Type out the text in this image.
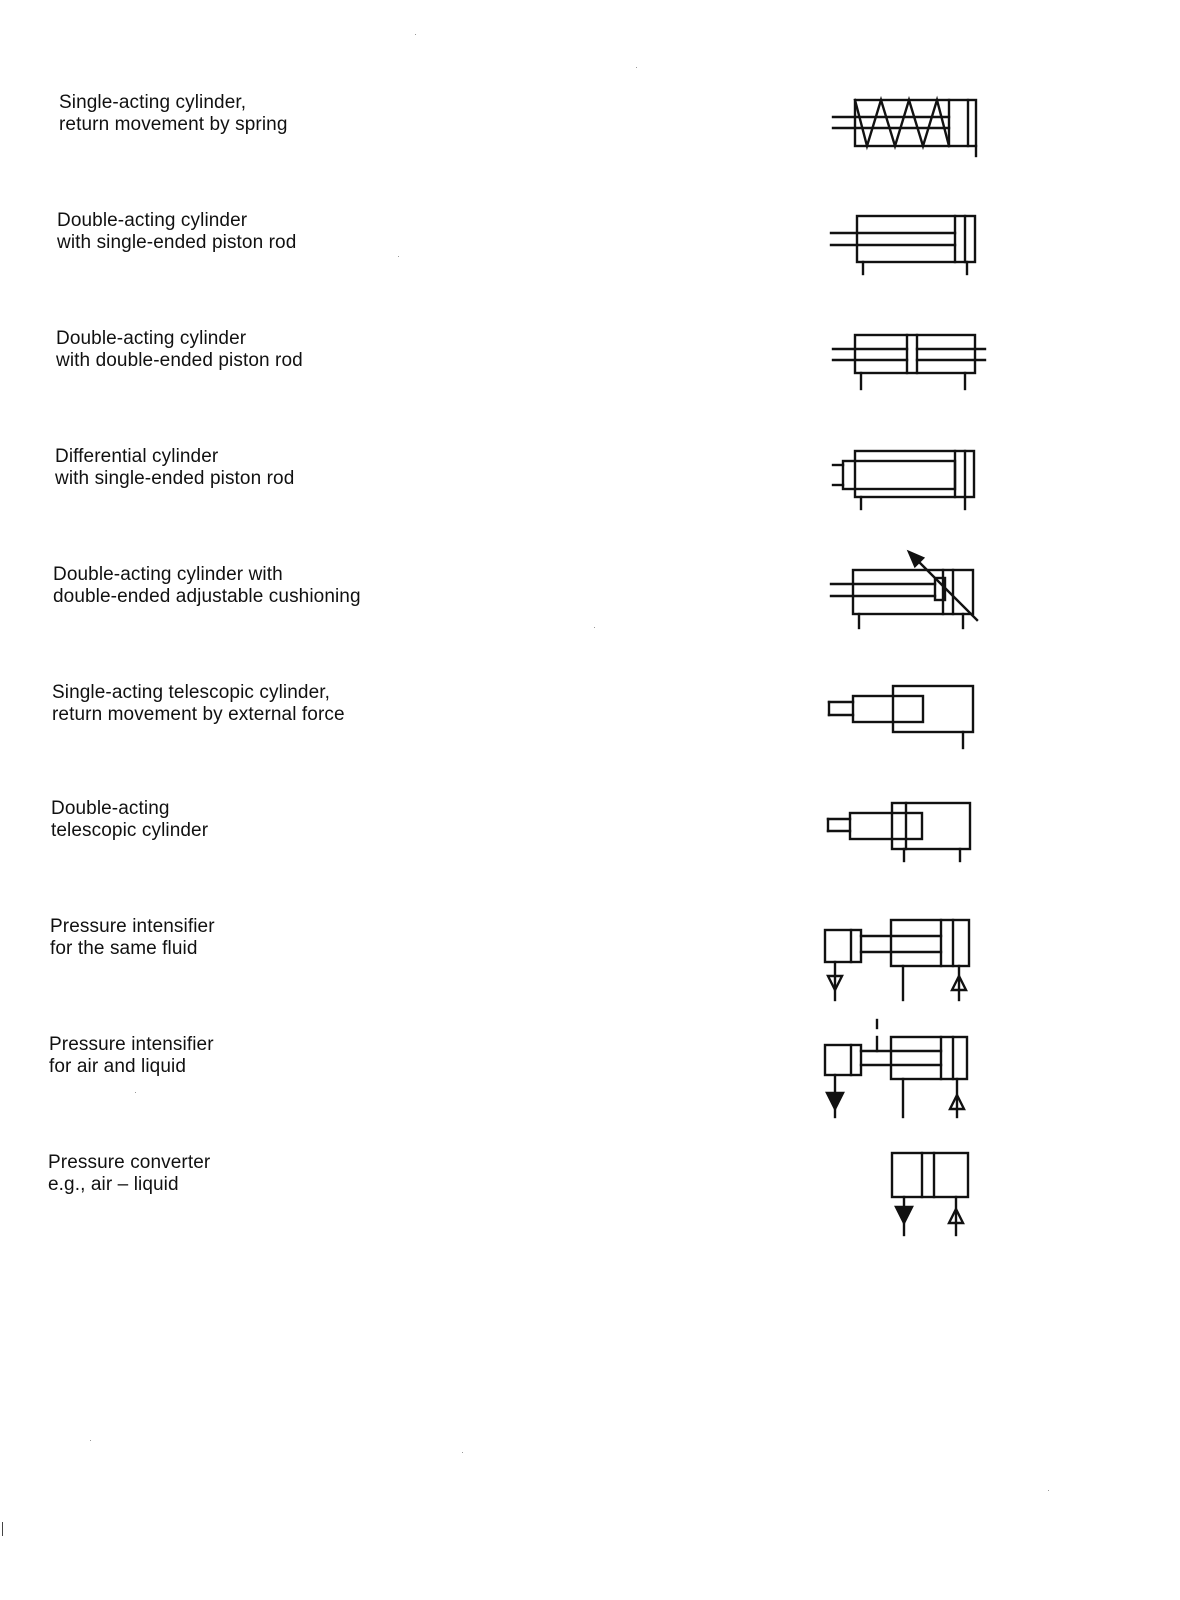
Single-acting cylinder,
return movement by spring
Double-acting cylinder
with single-ended piston rod
Double-acting cylinder
with double-ended piston rod
Differential cylinder
with single-ended piston rod
Double-acting cylinder with
double-ended adjustable cushioning
Single-acting telescopic cylinder,
return movement by external force
Double-acting
telescopic cylinder
Pressure intensifier
for the same fluid
Pressure intensifier
for air and liquid
Pressure converter
e.g., air – liquid
